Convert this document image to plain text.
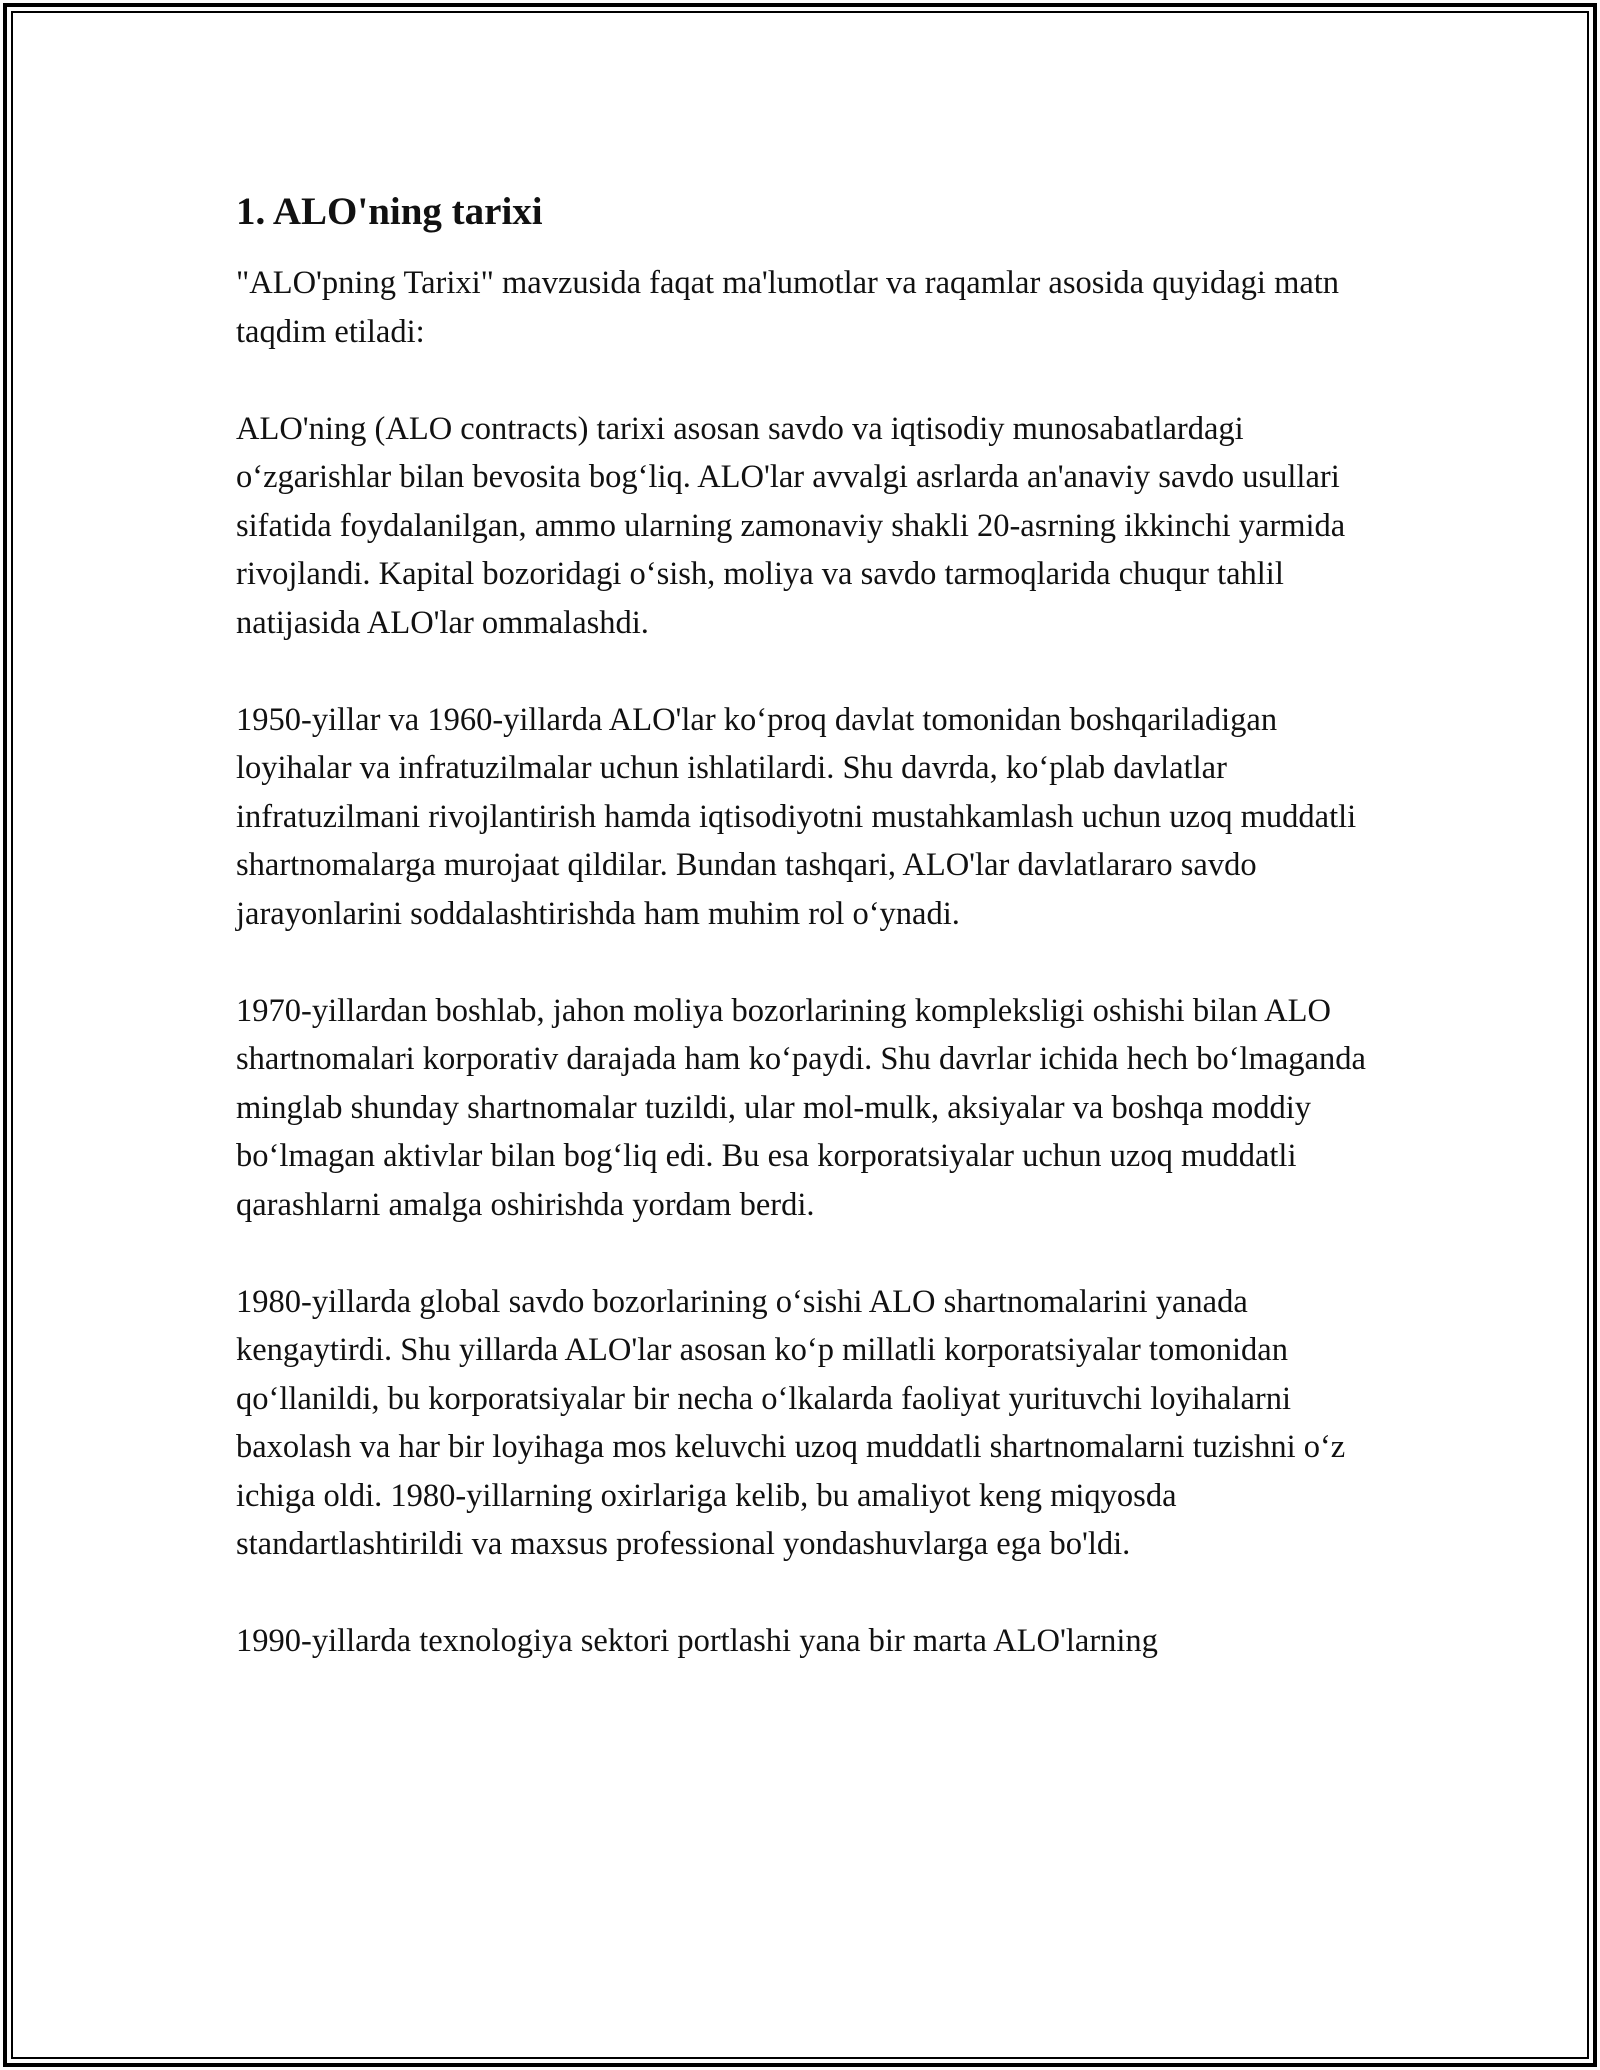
1. ALO'ning tarixi

"ALO'pning Tarixi" mavzusida faqat ma'lumotlar va raqamlar asosida quyidagi matn taqdim etiladi:

ALO'ning (ALO contracts) tarixi asosan savdo va iqtisodiy munosabatlardagi oʻzgarishlar bilan bevosita bogʻliq. ALO'lar avvalgi asrlarda an'anaviy savdo usullari sifatida foydalanilgan, ammo ularning zamonaviy shakli 20-asrning ikkinchi yarmida rivojlandi. Kapital bozoridagi oʻsish, moliya va savdo tarmoqlarida chuqur tahlil natijasida ALO'lar ommalashdi.

1950-yillar va 1960-yillarda ALO'lar koʻproq davlat tomonidan boshqariladigan loyihalar va infratuzilmalar uchun ishlatilardi. Shu davrda, koʻplab davlatlar infratuzilmani rivojlantirish hamda iqtisodiyotni mustahkamlash uchun uzoq muddatli shartnomalarga murojaat qildilar. Bundan tashqari, ALO'lar davlatlararo savdo jarayonlarini soddalashtirishda ham muhim rol oʻynadi.

1970-yillardan boshlab, jahon moliya bozorlarining kompleksligi oshishi bilan ALO shartnomalari korporativ darajada ham koʻpaydi. Shu davrlar ichida hech boʻlmaganda minglab shunday shartnomalar tuzildi, ular mol-mulk, aksiyalar va boshqa moddiy boʻlmagan aktivlar bilan bogʻliq edi. Bu esa korporatsiyalar uchun uzoq muddatli qarashlarni amalga oshirishda yordam berdi.

1980-yillarda global savdo bozorlarining oʻsishi ALO shartnomalarini yanada kengaytirdi. Shu yillarda ALO'lar asosan koʻp millatli korporatsiyalar tomonidan qoʻllanildi, bu korporatsiyalar bir necha oʻlkalarda faoliyat yurituvchi loyihalarni baxolash va har bir loyihaga mos keluvchi uzoq muddatli shartnomalarni tuzishni oʻz ichiga oldi. 1980-yillarning oxirlariga kelib, bu amaliyot keng miqyosda standartlashtirildi va maxsus professional yondashuvlarga ega bo'ldi.

1990-yillarda texnologiya sektori portlashi yana bir marta ALO'larning
